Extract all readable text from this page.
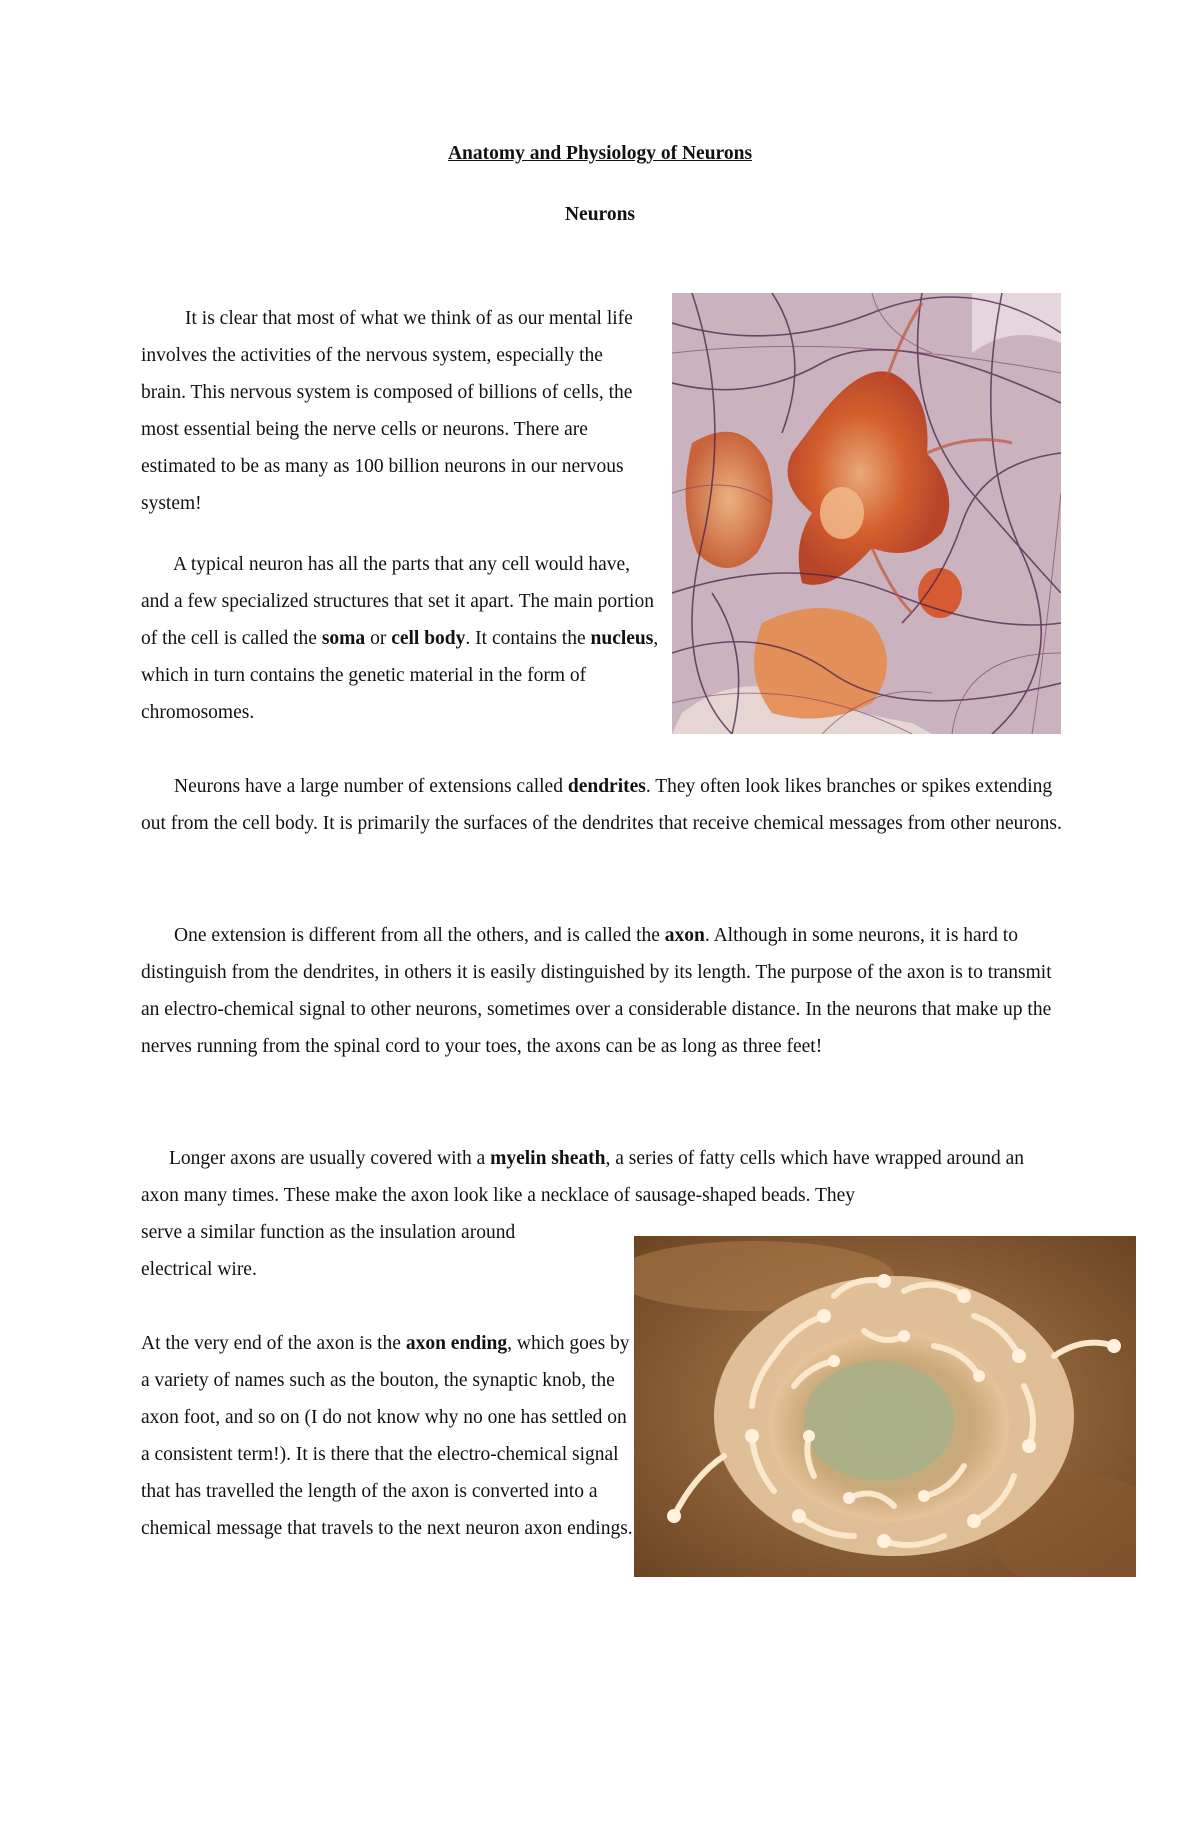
Anatomy and Physiology of Neurons
Neurons

It is clear that most of what we think of as our mental life involves the activities of the nervous system, especially the brain. This nervous system is composed of billions of cells, the most essential being the nerve cells or neurons. There are estimated to be as many as 100 billion neurons in our nervous system!

A typical neuron has all the parts that any cell would have, and a few specialized structures that set it apart. The main portion of the cell is called the soma or cell body. It contains the nucleus, which in turn contains the genetic material in the form of chromosomes.

Neurons have a large number of extensions called dendrites. They often look likes branches or spikes extending out from the cell body. It is primarily the surfaces of the dendrites that receive chemical messages from other neurons.

One extension is different from all the others, and is called the axon. Although in some neurons, it is hard to distinguish from the dendrites, in others it is easily distinguished by its length. The purpose of the axon is to transmit an electro-chemical signal to other neurons, sometimes over a considerable distance. In the neurons that make up the nerves running from the spinal cord to your toes, the axons can be as long as three feet!

Longer axons are usually covered with a myelin sheath, a series of fatty cells which have wrapped around an axon many times. These make the axon look like a necklace of sausage-shaped beads. They
serve a similar function as the insulation around
electrical wire.

At the very end of the axon is the axon ending, which goes by a variety of names such as the bouton, the synaptic knob, the axon foot, and so on (I do not know why no one has settled on a consistent term!). It is there that the electro-chemical signal that has travelled the length of the axon is converted into a chemical message that travels to the next neuron axon endings.
